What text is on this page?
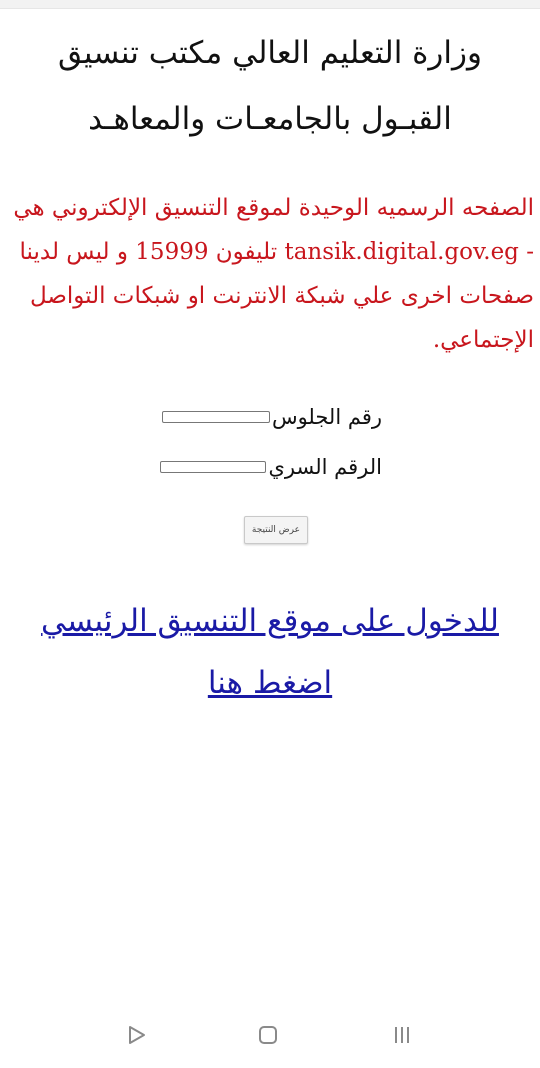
وزارة التعليم العالي مكتب تنسيق القبـول بالجامعـات والمعاهـد

الصفحه الرسميه الوحيدة لموقع التنسيق الإلكتروني هي - tansik.digital.gov.eg تليفون 15999 و ليس لدينا صفحات اخرى علي شبكة الانترنت او شبكات التواصل الإجتماعي.

رقم الجلوس
الرقم السري
عرض النتيجة
للدخول على موقع التنسيق الرئيسي اضغط هنا
